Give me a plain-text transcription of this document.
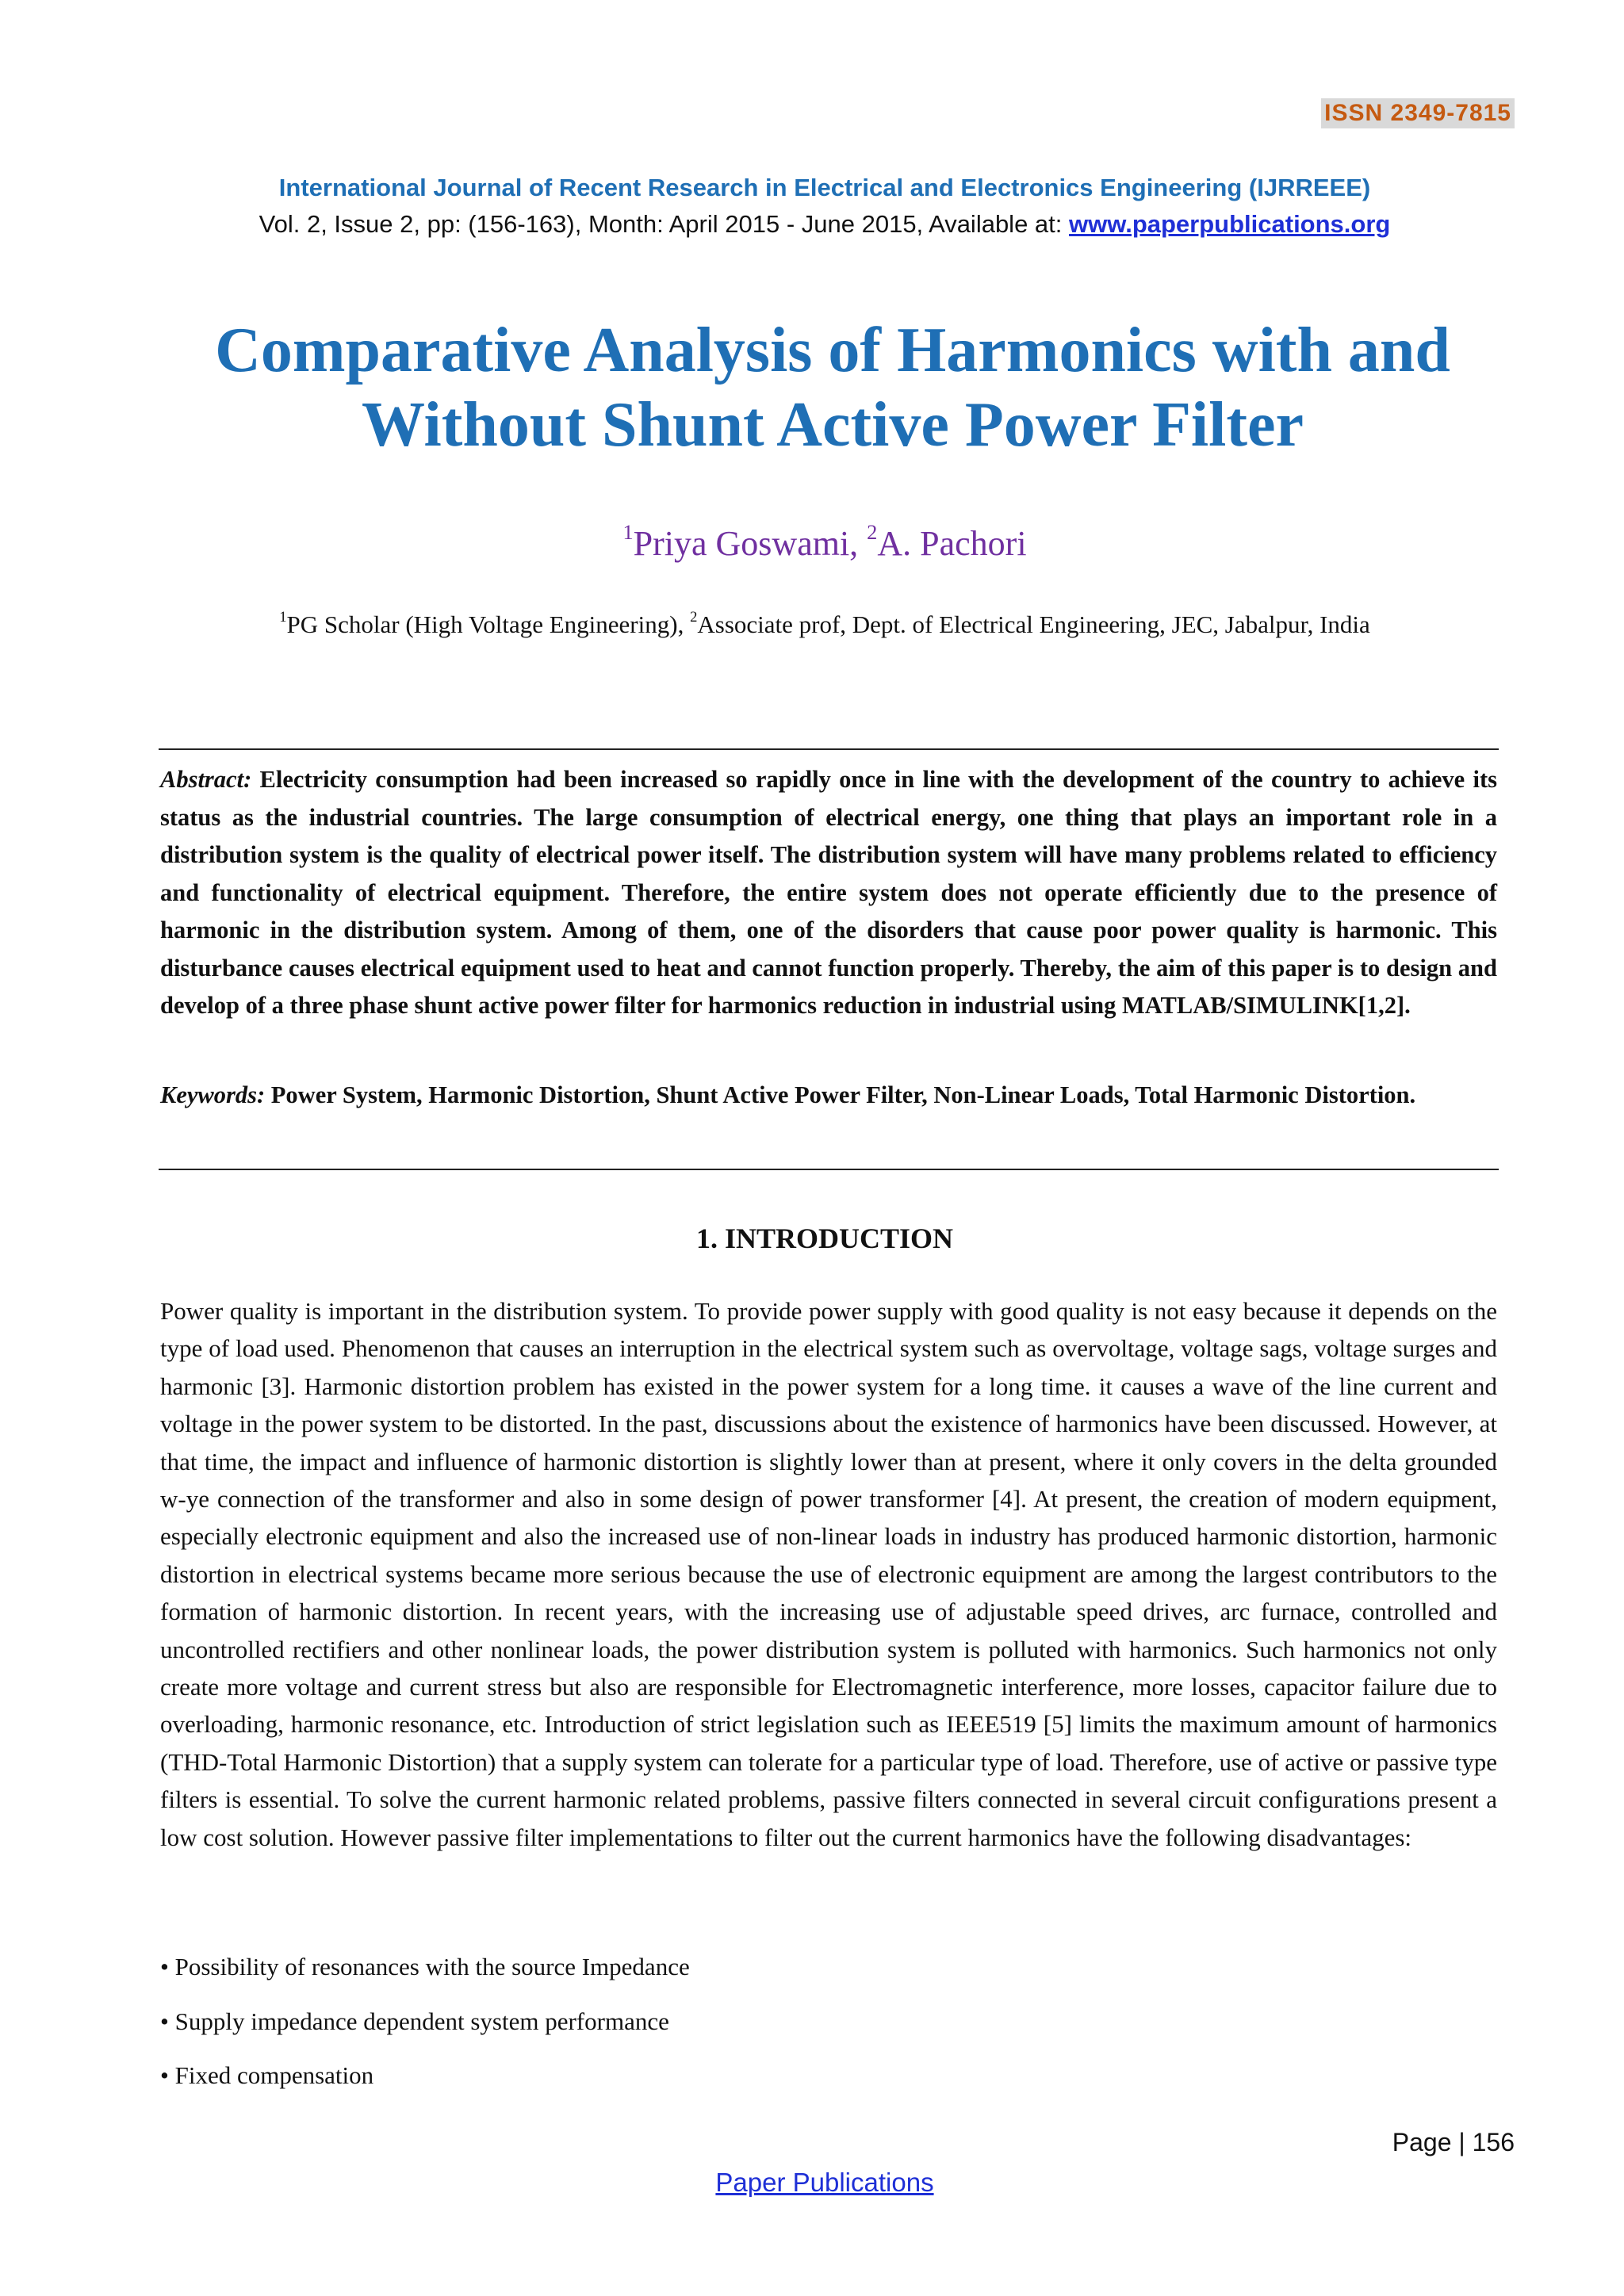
ISSN 2349-7815
International Journal of Recent Research in Electrical and Electronics Engineering (IJRREEE)
Vol. 2, Issue 2, pp: (156-163), Month: April 2015 - June 2015, Available at: www.paperpublications.org
Comparative Analysis of Harmonics with and
Without Shunt Active Power Filter
$^1$Priya Goswami, $^2$A. Pachori
$^1$PG Scholar (High Voltage Engineering), $^2$Associate prof, Dept. of Electrical Engineering, JEC, Jabalpur, India

Abstract: Electricity consumption had been increased so rapidly once in line with the development of the country to achieve its status as the industrial countries. The large consumption of electrical energy, one thing that plays an important role in a distribution system is the quality of electrical power itself. The distribution system will have many problems related to efficiency and functionality of electrical equipment. Therefore, the entire system does not operate efficiently due to the presence of harmonic in the distribution system. Among of them, one of the disorders that cause poor power quality is harmonic. This disturbance causes electrical equipment used to heat and cannot function properly. Thereby, the aim of this paper is to design and develop of a three phase shunt active power filter for harmonics reduction in industrial using MATLAB/SIMULINK[1,2].

Keywords: Power System, Harmonic Distortion, Shunt Active Power Filter, Non-Linear Loads, Total Harmonic Distortion.

1. INTRODUCTION

Power quality is important in the distribution system. To provide power supply with good quality is not easy because it depends on the type of load used. Phenomenon that causes an interruption in the electrical system such as overvoltage, voltage sags, voltage surges and harmonic [3]. Harmonic distortion problem has existed in the power system for a long time. it causes a wave of the line current and voltage in the power system to be distorted. In the past, discussions about the existence of harmonics have been discussed. However, at that time, the impact and influence of harmonic distortion is slightly lower than at present, where it only covers in the delta grounded w-ye connection of the transformer and also in some design of power transformer [4]. At present, the creation of modern equipment, especially electronic equipment and also the increased use of non-linear loads in industry has produced harmonic distortion, harmonic distortion in electrical systems became more serious because the use of electronic equipment are among the largest contributors to the formation of harmonic distortion. In recent years, with the increasing use of adjustable speed drives, arc furnace, controlled and uncontrolled rectifiers and other nonlinear loads, the power distribution system is polluted with harmonics. Such harmonics not only create more voltage and current stress but also are responsible for Electromagnetic interference, more losses, capacitor failure due to overloading, harmonic resonance, etc. Introduction of strict legislation such as IEEE519 [5] limits the maximum amount of harmonics (THD-Total Harmonic Distortion) that a supply system can tolerate for a particular type of load. Therefore, use of active or passive type filters is essential. To solve the current harmonic related problems, passive filters connected in several circuit configurations present a low cost solution. However passive filter implementations to filter out the current harmonics have the following disadvantages:

• Possibility of resonances with the source Impedance
• Supply impedance dependent system performance
• Fixed compensation
Page | 156
Paper Publications
